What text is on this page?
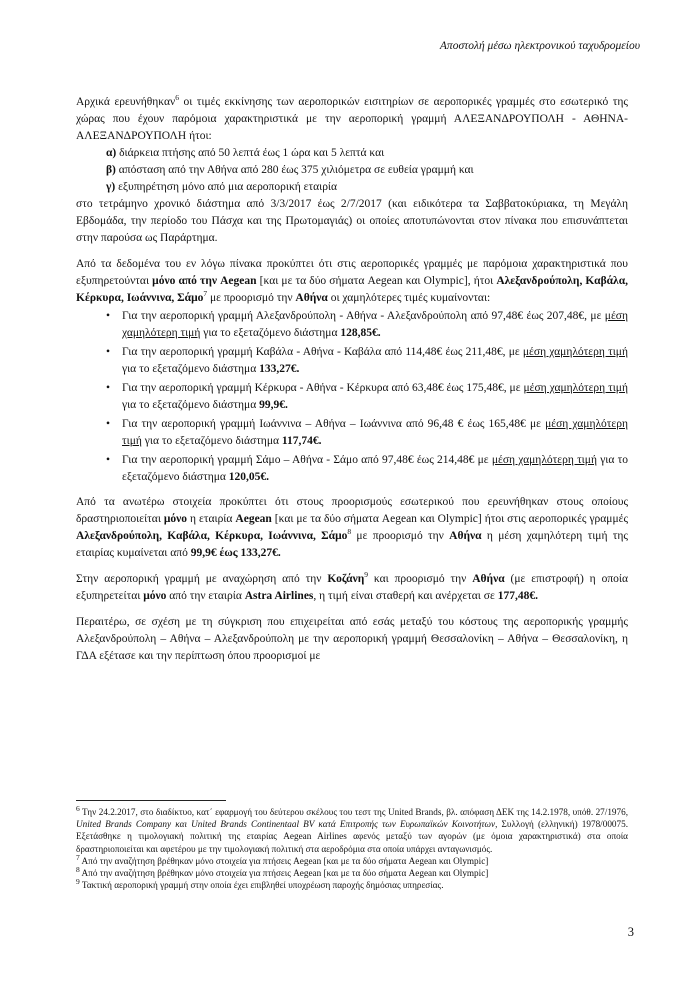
Αποστολή μέσω ηλεκτρονικού ταχυδρομείου

Αρχικά ερευνήθηκαν$^6$ οι τιμές εκκίνησης των αεροπορικών εισιτηρίων σε αεροπορικές γραμμές στο εσωτερικό της χώρας που έχουν παρόμοια χαρακτηριστικά με την αεροπορική γραμμή ΑΛΕΞΑΝΔΡΟΥΠΟΛΗ - ΑΘΗΝΑ-ΑΛΕΞΑΝΔΡΟΥΠΟΛΗ ήτοι:

α) διάρκεια πτήσης από 50 λεπτά έως 1 ώρα και 5 λεπτά και
β) απόσταση από την Αθήνα από 280 έως 375 χιλιόμετρα σε ευθεία γραμμή και
γ) εξυπηρέτηση μόνο από μια αεροπορική εταιρία

στο τετράμηνο χρονικό διάστημα από 3/3/2017 έως 2/7/2017 (και ειδικότερα τα Σαββατοκύριακα, τη Μεγάλη Εβδομάδα, την περίοδο του Πάσχα και της Πρωτομαγιάς) οι οποίες αποτυπώνονται στον πίνακα που επισυνάπτεται στην παρούσα ως Παράρτημα.

Από τα δεδομένα του εν λόγω πίνακα προκύπτει ότι στις αεροπορικές γραμμές με παρόμοια χαρακτηριστικά που εξυπηρετούνται μόνο από την Aegean [και με τα δύο σήματα Aegean και Olympic], ήτοι Αλεξανδρούπολη, Καβάλα, Κέρκυρα, Ιωάννινα, Σάμο$^7$ με προορισμό την Αθήνα οι χαμηλότερες τιμές κυμαίνονται:

• Για την αεροπορική γραμμή Αλεξανδρούπολη - Αθήνα - Αλεξανδρούπολη από 97,48€ έως 207,48€, με μέση χαμηλότερη τιμή για το εξεταζόμενο διάστημα 128,85€.
• Για την αεροπορική γραμμή Καβάλα - Αθήνα - Καβάλα από 114,48€ έως 211,48€, με μέση χαμηλότερη τιμή για το εξεταζόμενο διάστημα 133,27€.
• Για την αεροπορική γραμμή Κέρκυρα - Αθήνα - Κέρκυρα από 63,48€ έως 175,48€, με μέση χαμηλότερη τιμή για το εξεταζόμενο διάστημα 99,9€.
• Για την αεροπορική γραμμή Ιωάννινα – Αθήνα – Ιωάννινα από 96,48 € έως 165,48€ με μέση χαμηλότερη τιμή για το εξεταζόμενο διάστημα 117,74€.
• Για την αεροπορική γραμμή Σάμο – Αθήνα - Σάμο από 97,48€ έως 214,48€ με μέση χαμηλότερη τιμή για το εξεταζόμενο διάστημα 120,05€.

Από τα ανωτέρω στοιχεία προκύπτει ότι στους προορισμούς εσωτερικού που ερευνήθηκαν στους οποίους δραστηριοποιείται μόνο η εταιρία Aegean [και με τα δύο σήματα Aegean και Olympic] ήτοι στις αεροπορικές γραμμές Αλεξανδρούπολη, Καβάλα, Κέρκυρα, Ιωάννινα, Σάμο$^8$ με προορισμό την Αθήνα η μέση χαμηλότερη τιμή της εταιρίας κυμαίνεται από 99,9€ έως 133,27€.

Στην αεροπορική γραμμή με αναχώρηση από την Κοζάνη$^9$ και προορισμό την Αθήνα (με επιστροφή) η οποία εξυπηρετείται μόνο από την εταιρία Astra Airlines, η τιμή είναι σταθερή και ανέρχεται σε 177,48€.

Περαιτέρω, σε σχέση με τη σύγκριση που επιχειρείται από εσάς μεταξύ του κόστους της αεροπορικής γραμμής Αλεξανδρούπολη – Αθήνα – Αλεξανδρούπολη με την αεροπορική γραμμή Θεσσαλονίκη – Αθήνα – Θεσσαλονίκη, η ΓΔΑ εξέτασε και την περίπτωση όπου προορισμοί με

$^6$ Την 24.2.2017, στο διαδίκτυο, κατ΄ εφαρμογή του δεύτερου σκέλους του τεστ της United Brands, βλ. απόφαση ΔΕΚ της 14.2.1978, υπόθ. 27/1976, United Brands Company και United Brands Continentaal BV κατά Επιτροπής των Ευρωπαϊκών Κοινοτήτων, Συλλογή (ελληνική) 1978/00075. Εξετάσθηκε η τιμολογιακή πολιτική της εταιρίας Aegean Airlines αφενός μεταξύ των αγορών (με όμοια χαρακτηριστικά) στα οποία δραστηριοποιείται και αφετέρου με την τιμολογιακή πολιτική στα αεροδρόμια στα οποία υπάρχει ανταγωνισμός.

$^7$ Από την αναζήτηση βρέθηκαν μόνο στοιχεία για πτήσεις Aegean [και με τα δύο σήματα Aegean και Olympic]

$^8$ Από την αναζήτηση βρέθηκαν μόνο στοιχεία για πτήσεις Aegean [και με τα δύο σήματα Aegean και Olympic]

$^9$ Τακτική αεροπορική γραμμή στην οποία έχει επιβληθεί υποχρέωση παροχής δημόσιας υπηρεσίας.

3
